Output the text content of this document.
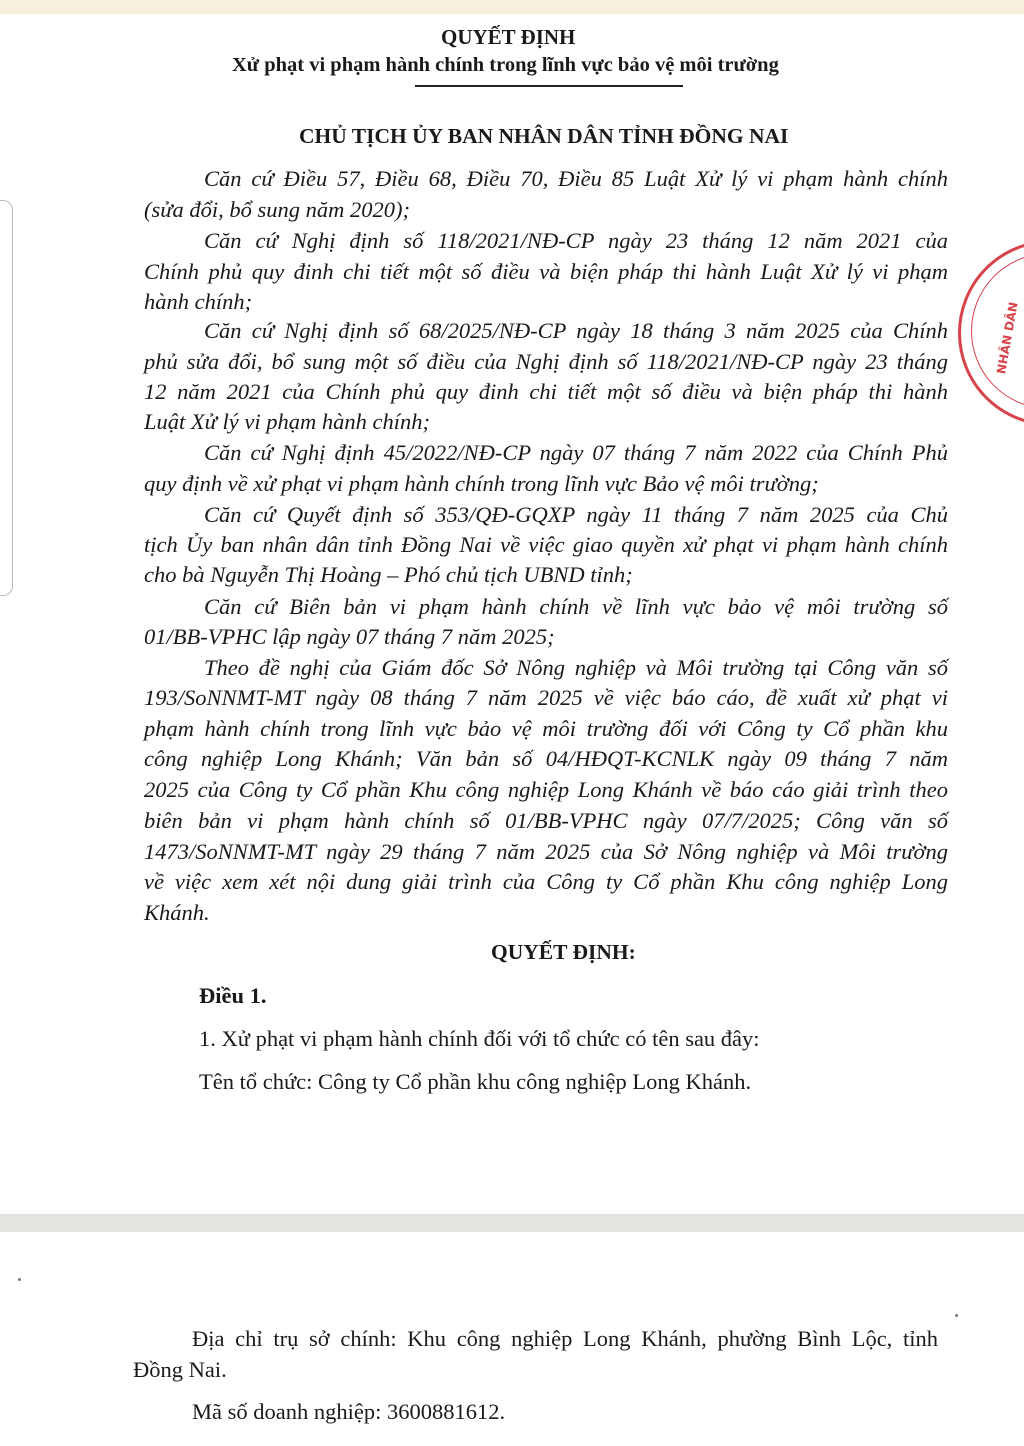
QUYẾT ĐỊNH
Xử phạt vi phạm hành chính trong lĩnh vực bảo vệ môi trường
CHỦ TỊCH ỦY BAN NHÂN DÂN TỈNH ĐỒNG NAI
Căn cứ Điều 57, Điều 68, Điều 70, Điều 85 Luật Xử lý vi phạm hành chính
(sửa đổi, bổ sung năm 2020);
Căn cứ Nghị định số 118/2021/NĐ-CP ngày 23 tháng 12 năm 2021 của
Chính phủ quy đinh chi tiết một số điều và biện pháp thi hành Luật Xử lý vi phạm
hành chính;
Căn cứ Nghị định số 68/2025/NĐ-CP ngày 18 tháng 3 năm 2025 của Chính
phủ sửa đổi, bổ sung một số điều của Nghị định số 118/2021/NĐ-CP ngày 23 tháng
12 năm 2021 của Chính phủ quy đinh chi tiết một số điều và biện pháp thi hành
Luật Xử lý vi phạm hành chính;
Căn cứ Nghị định 45/2022/NĐ-CP ngày 07 tháng 7 năm 2022 của Chính Phủ
quy định về xử phạt vi phạm hành chính trong lĩnh vực Bảo vệ môi trường;
Căn cứ Quyết định số 353/QĐ-GQXP ngày 11 tháng 7 năm 2025 của Chủ
tịch Ủy ban nhân dân tỉnh Đồng Nai về việc giao quyền xử phạt vi phạm hành chính
cho bà Nguyễn Thị Hoàng – Phó chủ tịch UBND tỉnh;
Căn cứ Biên bản vi phạm hành chính về lĩnh vực bảo vệ môi trường số
01/BB-VPHC lập ngày 07 tháng 7 năm 2025;
Theo đề nghị của Giám đốc Sở Nông nghiệp và Môi trường tại Công văn số
193/SoNNMT-MT ngày 08 tháng 7 năm 2025 về việc báo cáo, đề xuất xử phạt vi
phạm hành chính trong lĩnh vực bảo vệ môi trường đối với Công ty Cổ phần khu
công nghiệp Long Khánh; Văn bản số 04/HĐQT-KCNLK ngày 09 tháng 7 năm
2025 của Công ty Cổ phần Khu công nghiệp Long Khánh về báo cáo giải trình theo
biên bản vi phạm hành chính số 01/BB-VPHC ngày 07/7/2025; Công văn số
1473/SoNNMT-MT ngày 29 tháng 7 năm 2025 của Sở Nông nghiệp và Môi trường
về việc xem xét nội dung giải trình của Công ty Cổ phần Khu công nghiệp Long
Khánh.
QUYẾT ĐỊNH:
Điều 1.
1. Xử phạt vi phạm hành chính đối với tổ chức có tên sau đây:
Tên tổ chức: Công ty Cổ phần khu công nghiệp Long Khánh.
NHÂN DÂN
Địa chỉ trụ sở chính: Khu công nghiệp Long Khánh, phường Bình Lộc, tỉnh
Đồng Nai.
Mã số doanh nghiệp: 3600881612.
